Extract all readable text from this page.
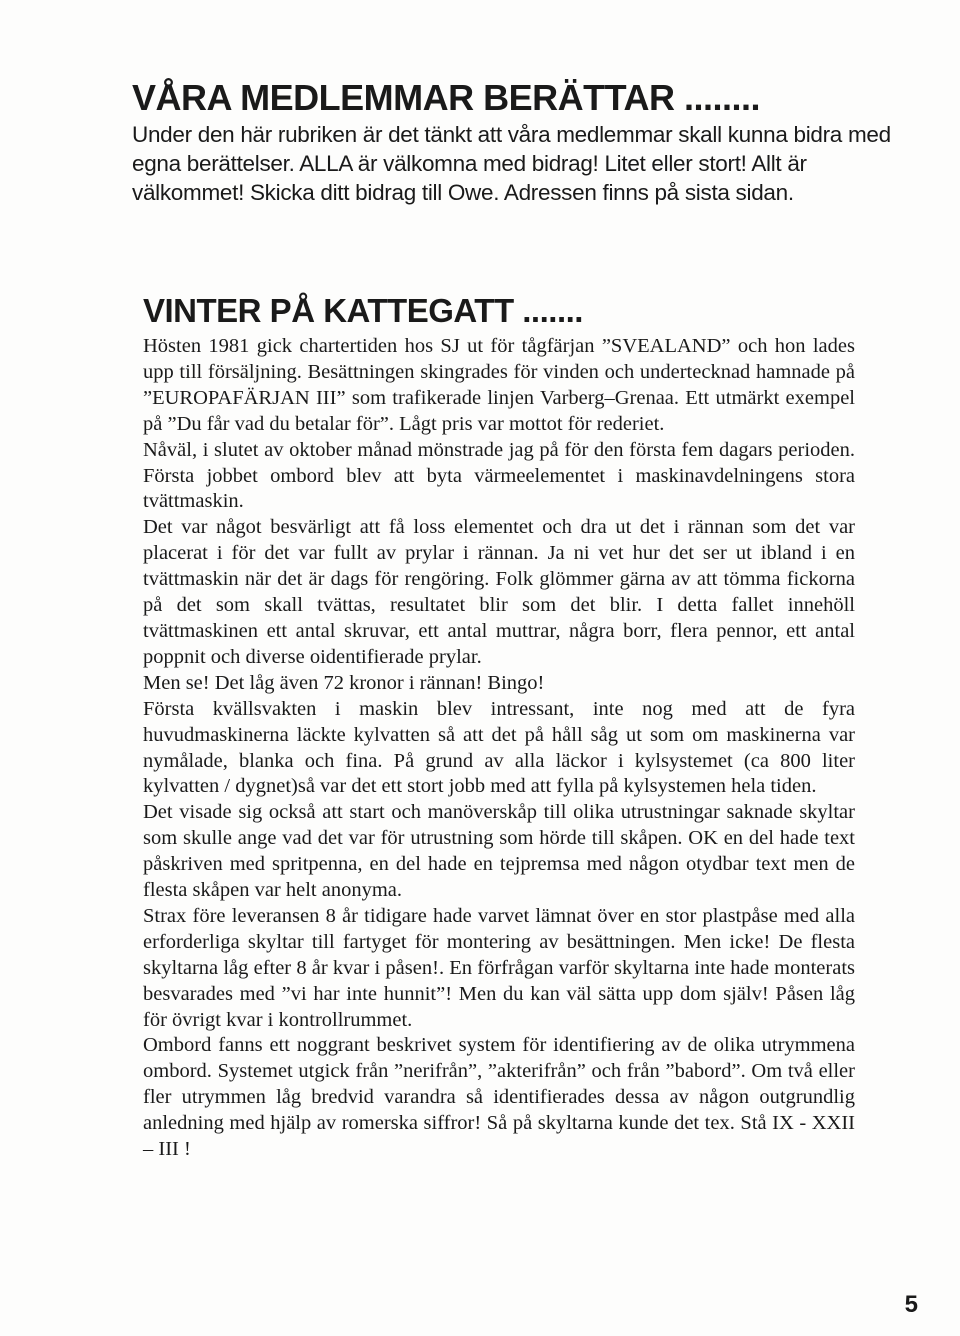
VÅRA MEDLEMMAR BERÄTTAR ........

Under den här rubriken är det tänkt att våra medlemmar skall kunna bidra med egna berättelser. ALLA är välkomna med bidrag! Litet eller stort! Allt är välkommet! Skicka ditt bidrag till Owe. Adressen finns på sista sidan.

VINTER PÅ KATTEGATT .......

Hösten 1981 gick chartertiden hos SJ ut för tågfärjan ”SVEALAND” och hon lades upp till försäljning. Besättningen skingrades för vinden och undertecknad hamnade på ”EUROPAFÄRJAN III” som trafikerade linjen Varberg–Grenaa. Ett utmärkt exempel på ”Du får vad du betalar för”. Lågt pris var mottot för rederiet.

Nåväl, i slutet av oktober månad mönstrade jag på för den första fem dagars perioden. Första jobbet ombord blev att byta värmeelementet i maskinavdelningens stora tvättmaskin.

Det var något besvärligt att få loss elementet och dra ut det i rännan som det var placerat i för det var fullt av prylar i rännan. Ja ni vet hur det ser ut ibland i en tvättmaskin när det är dags för rengöring. Folk glömmer gärna av att tömma fickorna på det som skall tvättas, resultatet blir som det blir. I detta fallet innehöll tvättmaskinen ett antal skruvar, ett antal muttrar, några borr, flera pennor, ett antal poppnit och diverse oidentifierade prylar.

Men se! Det låg även 72 kronor i rännan! Bingo!

Första kvällsvakten i maskin blev intressant, inte nog med att de fyra huvudmaskinerna läckte kylvatten så att det på håll såg ut som om maskinerna var nymålade, blanka och fina. På grund av alla läckor i kylsystemet (ca 800 liter kylvatten / dygnet)så var det ett stort jobb med att fylla på kylsystemen hela tiden.

Det visade sig också att start och manöverskåp till olika utrustningar saknade skyltar som skulle ange vad det var för utrustning som hörde till skåpen. OK en del hade text påskriven med spritpenna, en del hade en tejpremsa med någon otydbar text men de flesta skåpen var helt anonyma.

Strax före leveransen 8 år tidigare hade varvet lämnat över en stor plastpåse med alla erforderliga skyltar till fartyget för montering av besättningen. Men icke! De flesta skyltarna låg efter 8 år kvar i påsen!. En förfrågan varför skyltarna inte hade monterats besvarades med ”vi har inte hunnit”! Men du kan väl sätta upp dom själv! Påsen låg för övrigt kvar i kontrollrummet.

Ombord fanns ett noggrant beskrivet system för identifiering av de olika utrymmena ombord. Systemet utgick från ”nerifrån”, ”akterifrån” och från ”babord”. Om två eller fler utrymmen låg bredvid varandra så identifierades dessa av någon outgrundlig anledning med hjälp av romerska siffror! Så på skyltarna kunde det tex. Stå IX - XXII – III !

5
